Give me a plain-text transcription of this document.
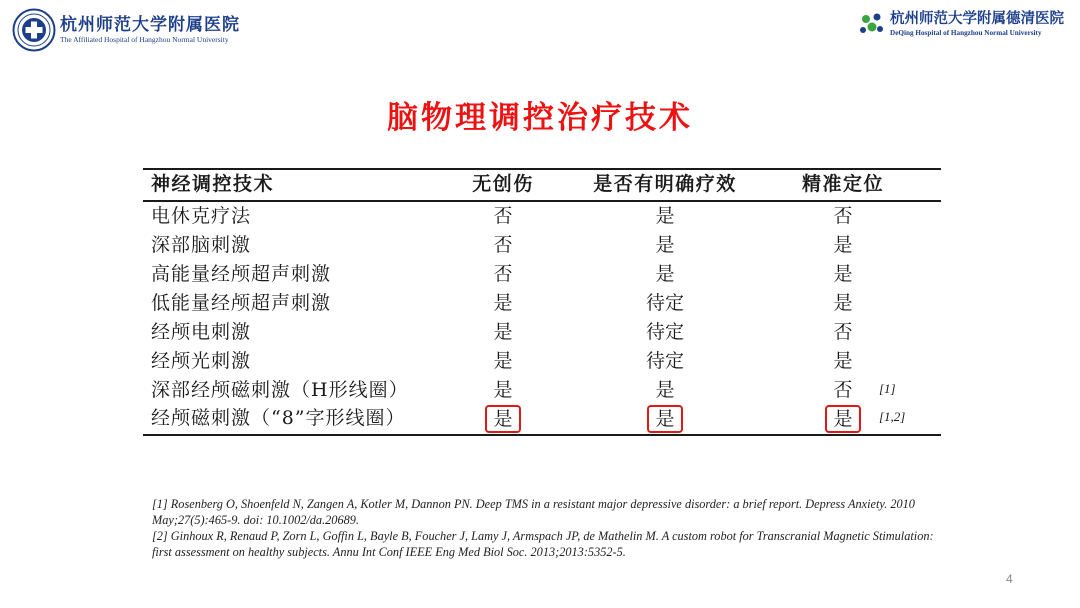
杭州师范大学附属医院
The Affiliated Hospital of Hangzhou Normal University
杭州师范大学附属德清医院
DeQing Hospital of Hangzhou Normal University
脑物理调控治疗技术
神经调控技术	无创伤	是否有明确疗效	精准定位
电休克疗法	否	是	否
深部脑刺激	否	是	是
高能量经颅超声刺激	否	是	是
低能量经颅超声刺激	是	待定	是
经颅电刺激	是	待定	否
经颅光刺激	是	待定	是
深部经颅磁刺激（H形线圈）	是	是	否	[1]
经颅磁刺激（“8”字形线圈）	是	是	是	[1,2]

[1] Rosenberg O, Shoenfeld N, Zangen A, Kotler M, Dannon PN. Deep TMS in a resistant major depressive disorder: a brief report. Depress Anxiety. 2010 May;27(5):465-9. doi: 10.1002/da.20689.

[2] Ginhoux R, Renaud P, Zorn L, Goffin L, Bayle B, Foucher J, Lamy J, Armspach JP, de Mathelin M. A custom robot for Transcranial Magnetic Stimulation: first assessment on healthy subjects. Annu Int Conf IEEE Eng Med Biol Soc. 2013;2013:5352-5.

4
